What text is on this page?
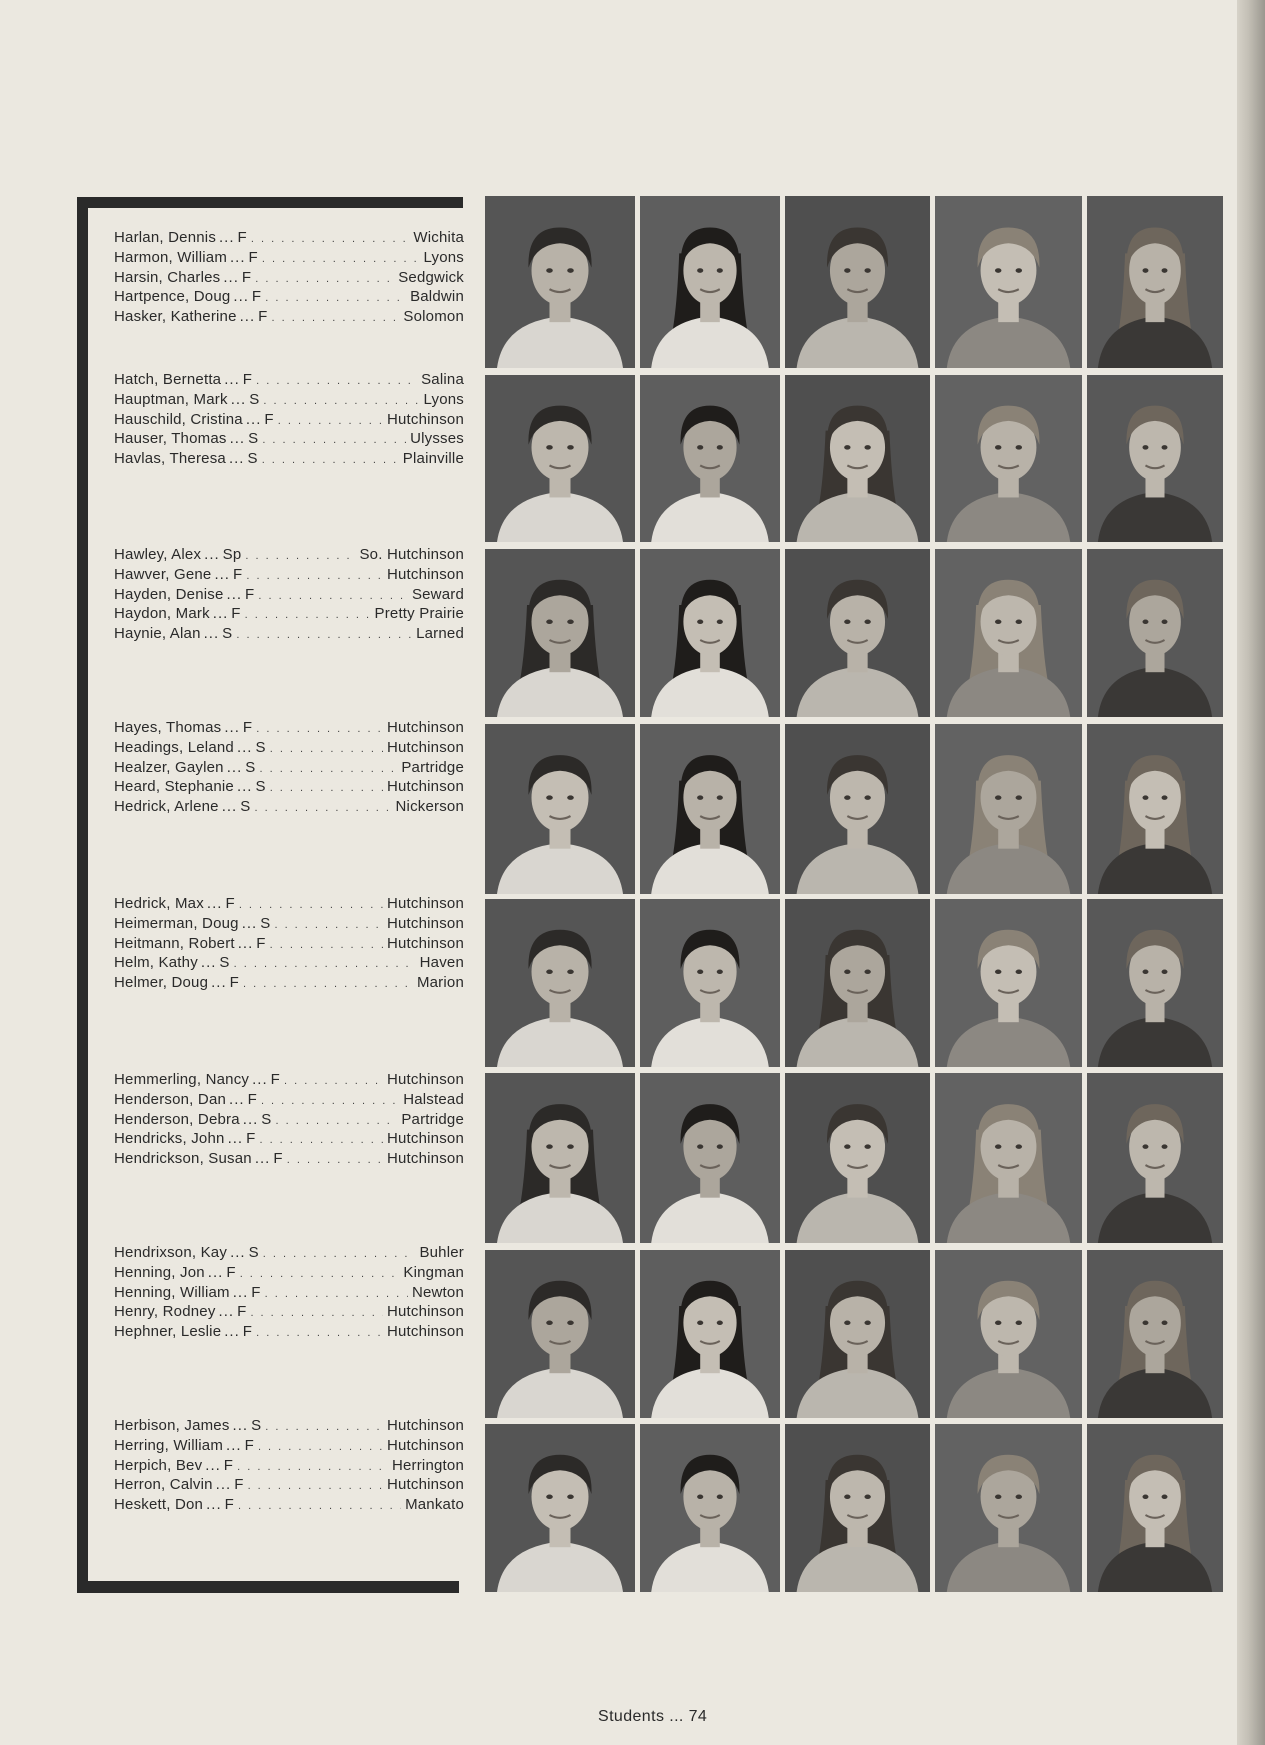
Harlan, Dennis ... F . . .	Wichita
Harmon, William ... F . . .	Lyons
Harsin, Charles ... F . . .	Sedgwick
Hartpence, Doug ... F . . .	Baldwin
Hasker, Katherine ... F . . .	Solomon
Hatch, Bernetta ... F . . .	Salina
Hauptman, Mark ... S . . .	Lyons
Hauschild, Cristina ... F . . .	Hutchinson
Hauser, Thomas ... S . . .	Ulysses
Havlas, Theresa ... S . . .	Plainville
Hawley, Alex ... Sp . . .	So. Hutchinson
Hawver, Gene ... F . . .	Hutchinson
Hayden, Denise ... F . . .	Seward
Haydon, Mark ... F . . .	Pretty Prairie
Haynie, Alan ... S . . .	Larned
Hayes, Thomas ... F . . .	Hutchinson
Headings, Leland ... S . . .	Hutchinson
Healzer, Gaylen ... S . . .	Partridge
Heard, Stephanie ... S . . .	Hutchinson
Hedrick, Arlene ... S . . .	Nickerson
Hedrick, Max ... F . . .	Hutchinson
Heimerman, Doug ... S . . .	Hutchinson
Heitmann, Robert ... F . . .	Hutchinson
Helm, Kathy ... S . . .	Haven
Helmer, Doug ... F . . .	Marion
Hemmerling, Nancy ... F . . .	Hutchinson
Henderson, Dan ... F . . .	Halstead
Henderson, Debra ... S . . .	Partridge
Hendricks, John ... F . . .	Hutchinson
Hendrickson, Susan ... F . . .	Hutchinson
Hendrixson, Kay ... S . . .	Buhler
Henning, Jon ... F . . .	Kingman
Henning, William ... F . . .	Newton
Henry, Rodney ... F . . .	Hutchinson
Hephner, Leslie ... F . . .	Hutchinson
Herbison, James ... S . . .	Hutchinson
Herring, William ... F . . .	Hutchinson
Herpich, Bev ... F . . .	Herrington
Herron, Calvin ... F . . .	Hutchinson
Heskett, Don ... F . . .	Mankato
Students ... 74
